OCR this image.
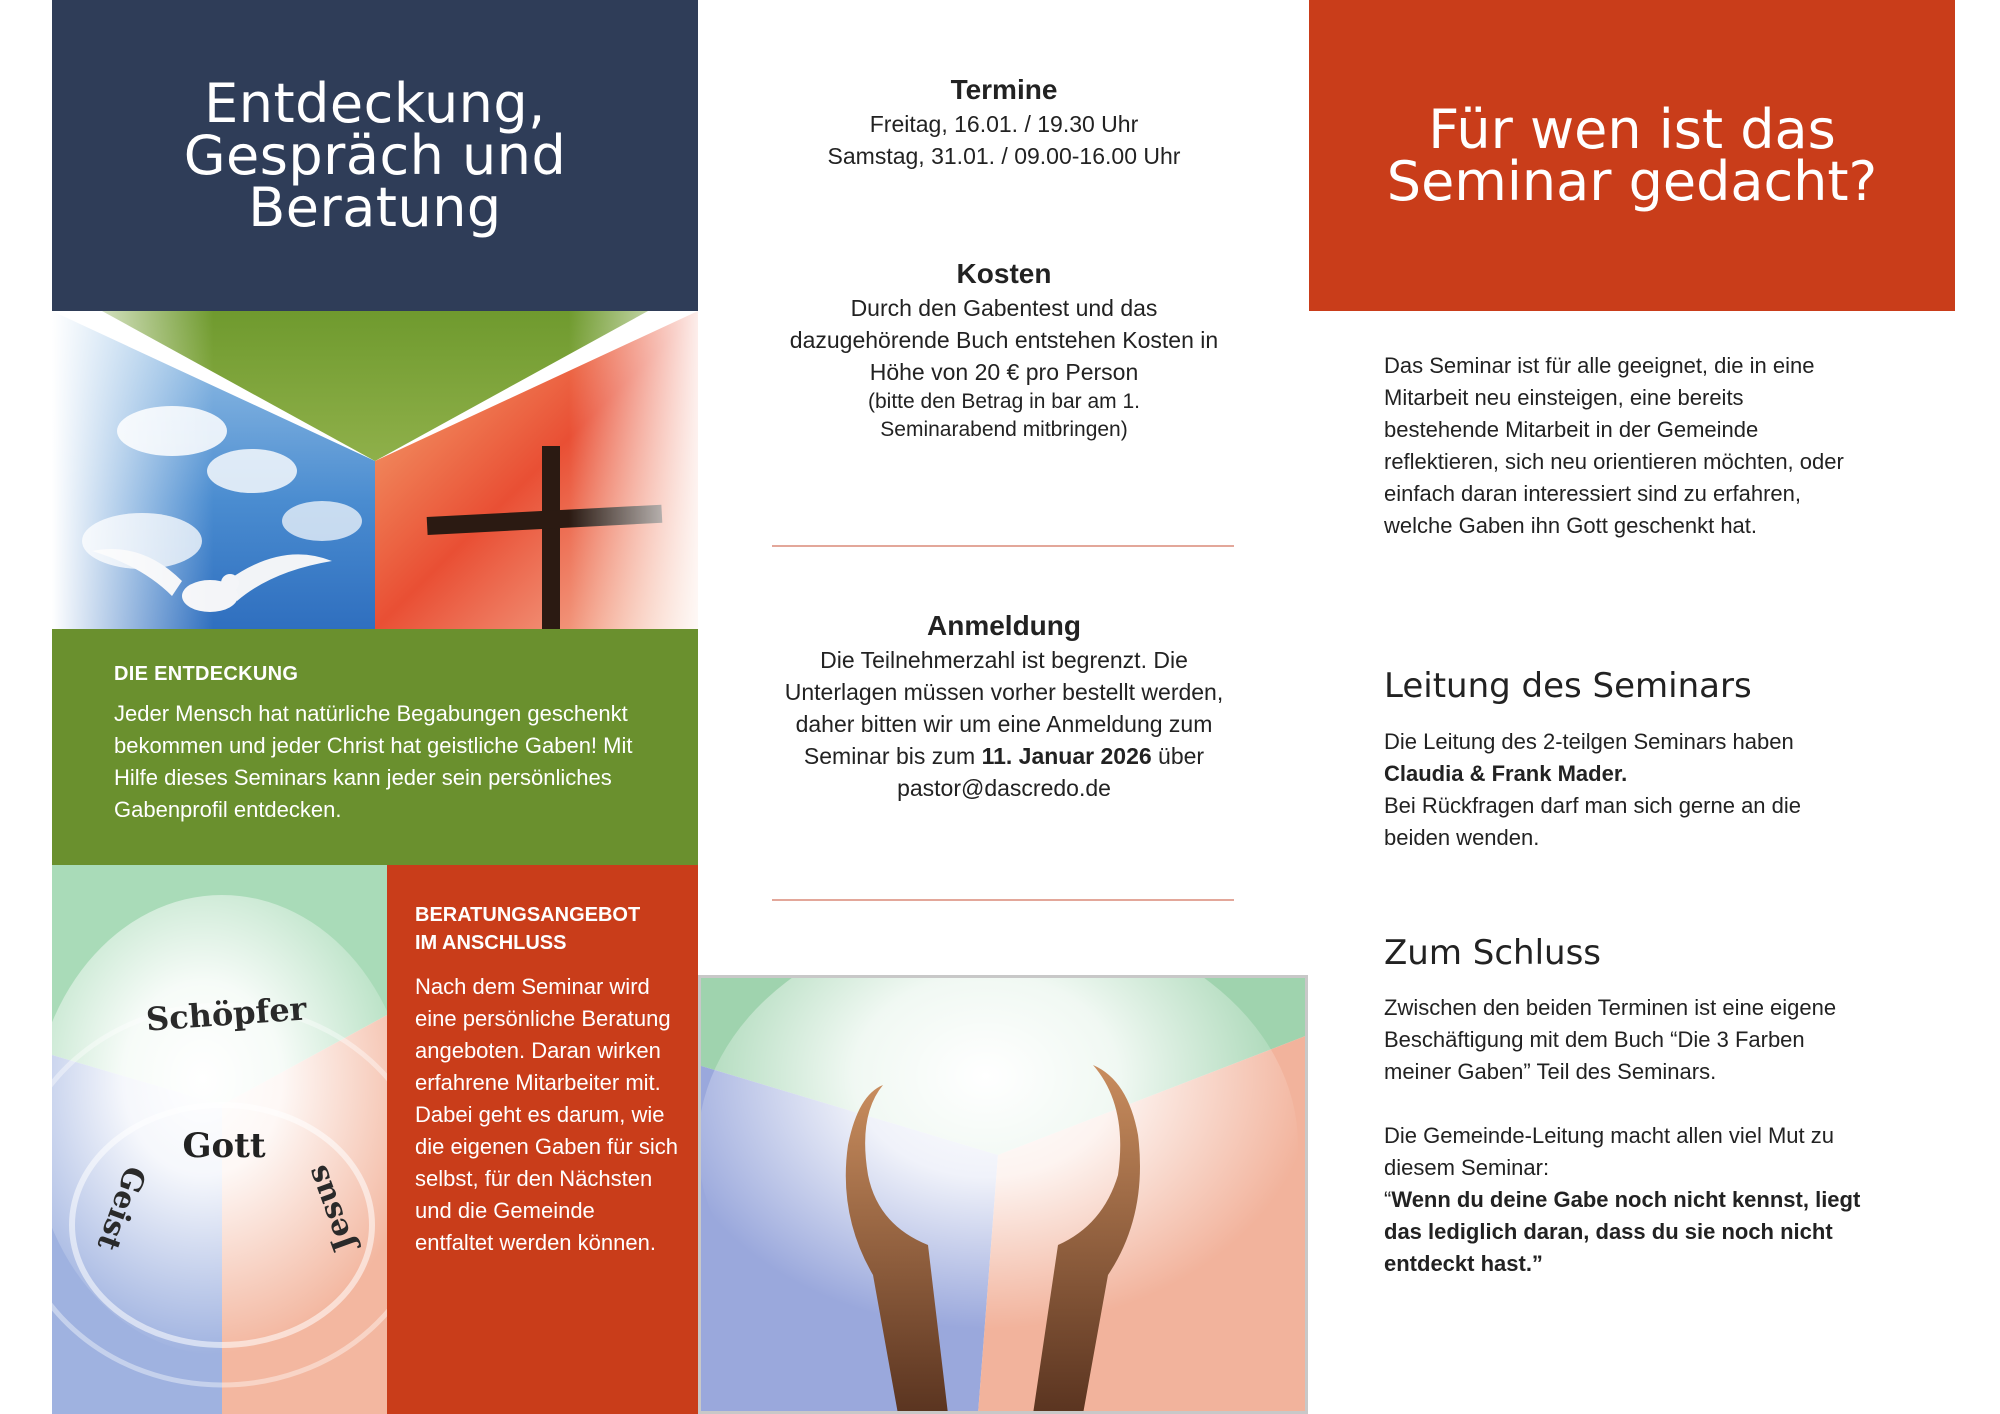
Entdeckung,
Gespräch und
Beratung
DIE ENTDECKUNG

Jeder Mensch hat natürliche Begabungen geschenkt bekommen und jeder Christ hat geistliche Gaben! Mit Hilfe dieses Seminars kann jeder sein persönliches Gabenprofil entdecken.

Schöpfer
Gott
Geist	Jesus
BERATUNGSANGEBOT
IM ANSCHLUSS

Nach dem Seminar wird eine persönliche Beratung angeboten. Daran wirken erfahrene Mitarbeiter mit. Dabei geht es darum, wie die eigenen Gaben für sich selbst, für den Nächsten und die Gemeinde entfaltet werden können.

Termine
Freitag, 16.01. / 19.30 Uhr
Samstag, 31.01. / 09.00-16.00 Uhr
Kosten
Durch den Gabentest und das dazugehörende Buch entstehen Kosten in Höhe von 20 € pro Person
(bitte den Betrag in bar am 1. Seminarabend mitbringen)
Anmeldung
Die Teilnehmerzahl ist begrenzt. Die Unterlagen müssen vorher bestellt werden, daher bitten wir um eine Anmeldung zum Seminar bis zum 11. Januar 2026 über
pastor@dascredo.de
Für wen ist das
Seminar gedacht?

Das Seminar ist für alle geeignet, die in eine Mitarbeit neu einsteigen, eine bereits bestehende Mitarbeit in der Gemeinde reflektieren, sich neu orientieren möchten, oder einfach daran interessiert sind zu erfahren, welche Gaben ihn Gott geschenkt hat.

Leitung des Seminars

Die Leitung des 2-teilgen Seminars haben

Claudia & Frank Mader.

Bei Rückfragen darf man sich gerne an die beiden wenden.

Zum Schluss

Zwischen den beiden Terminen ist eine eigene Beschäftigung mit dem Buch “Die 3 Farben meiner Gaben” Teil des Seminars.

Die Gemeinde-Leitung macht allen viel Mut zu diesem Seminar:

“Wenn du deine Gabe noch nicht kennst, liegt das lediglich daran, dass du sie noch nicht entdeckt hast.”
